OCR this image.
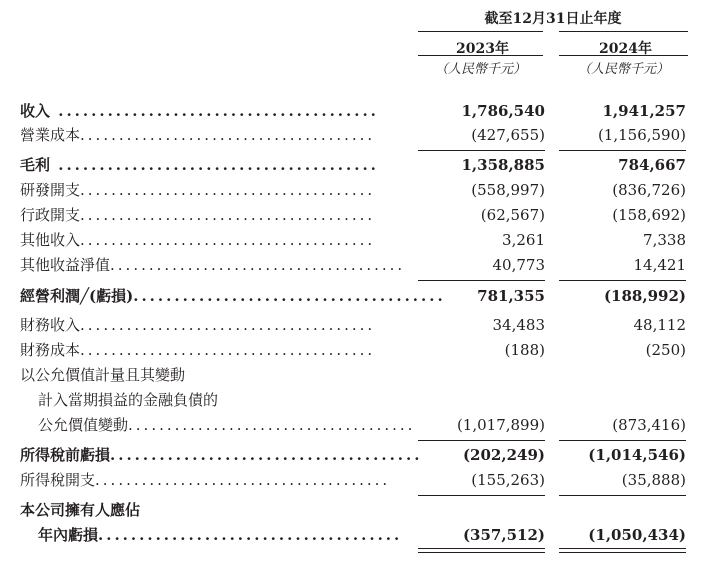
截至12月31日止年度
2023年	2024年
（人民幣千元）	（人民幣千元）
收入 .......................................	1,786,540	1,941,257
營業成本......................................	(427,655)	(1,156,590)
毛利 .......................................	1,358,885	784,667
研發開支......................................	(558,997)	(836,726)
行政開支......................................	(62,567)	(158,692)
其他收入......................................	3,261	7,338
其他收益淨值......................................	40,773	14,421
經營利潤╱(虧損)......................................	781,355	(188,992)
財務收入......................................	34,483	48,112
財務成本......................................	(188)	(250)
以公允價值計量且其變動
計入當期損益的金融負債的
公允價值變動.....................................	(1,017,899)	(873,416)
所得稅前虧損......................................	(202,249)	(1,014,546)
所得稅開支......................................	(155,263)	(35,888)
本公司擁有人應佔
年內虧損.....................................	(357,512)	(1,050,434)
